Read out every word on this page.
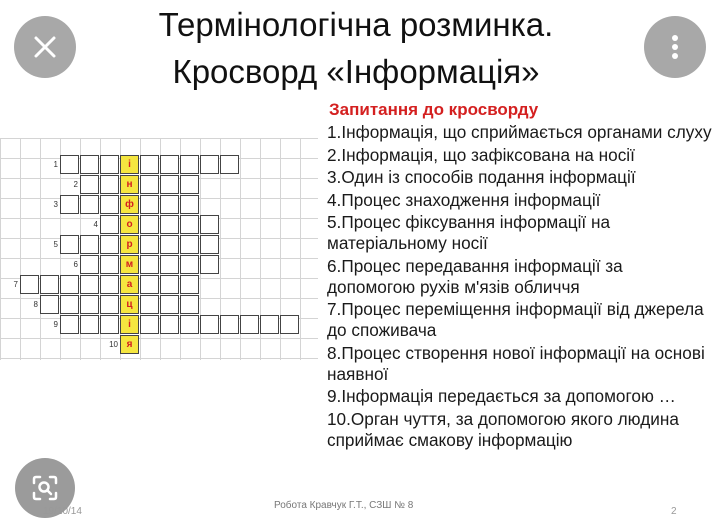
Термінологічна розминка.
Кросворд «Інформація»
1	і
2	н
3	ф
4	о
5	р
6	м
7	а
8	ц
9	і
10 я
Запитання до кросворду
1.Інформація, що сприймається органами слуху
2.Інформація, що зафіксована на носії
3.Один із способів подання інформації
4.Процес знаходження інформації
5.Процес фіксування інформації на матеріальному носії
6.Процес передавання інформації за допомогою рухів м'язів обличчя
7.Процес переміщення інформації від джерела до споживача
8.Процес створення нової інформації на основі наявної
9.Інформація передається за допомогою …
10.Орган чуття, за допомогою якого людина сприймає смакову інформацію
19/10/14
Робота Кравчук Г.Т., СЗШ № 8
2
